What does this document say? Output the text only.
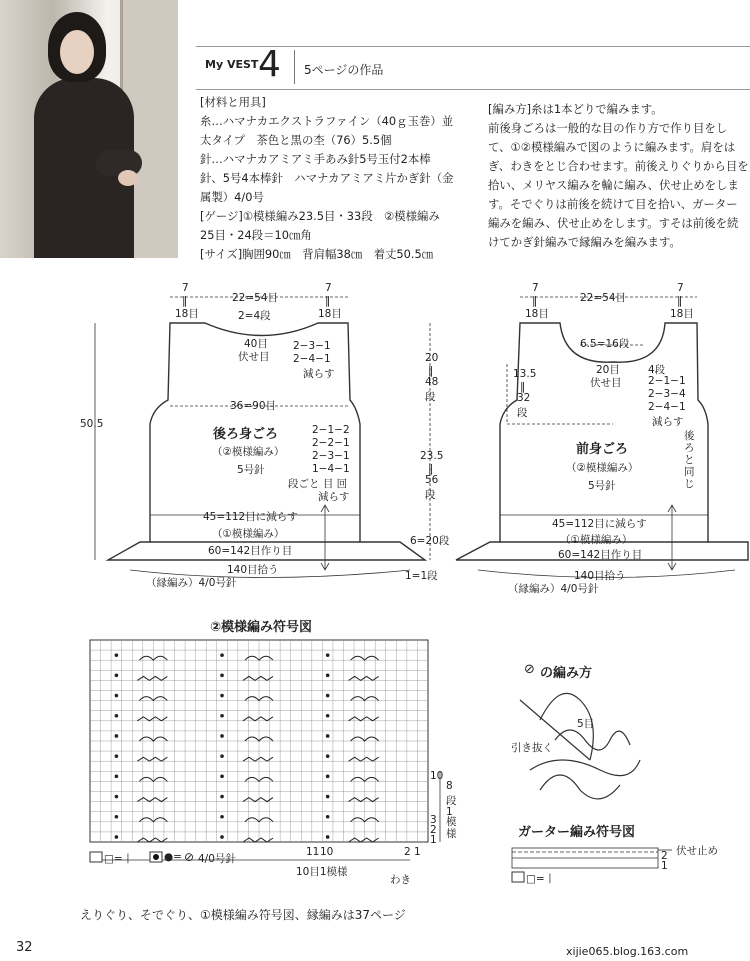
My VEST 4 5ページの作品
[材料と用具]
糸…ハマナカエクストラファイン（40ｇ玉巻）並
太タイプ　茶色と黒の杢（76）5.5個
針…ハマナカアミアミ手あみ針5号玉付2本棒
針、5号4本棒針　ハマナカアミアミ片かぎ針（金
属製）4/0号
[ゲージ]①模様編み23.5目・33段　②模様編み
25目・24段＝10㎝角
[サイズ]胸囲90㎝　背肩幅38㎝　着丈50.5㎝
[編み方]糸は1本どりで編みます。
前後身ごろは一般的な目の作り方で作り目をし
て、①②模様編みで図のように編みます。肩をは
ぎ、わきをとじ合わせます。前後えりぐりから目を
拾い、メリヤス編みを輪に編み、伏せ止めをしま
す。そでぐりは前後を続けて目を拾い、ガーター
編みを編み、伏せ止めをします。すそは前後を続
けてかぎ針編みで縁編みを編みます。
7
‖
18目
22=54目
7
‖
18目
2=4段
40目
伏せ目
2−3−1
2−4−1
減らす
50.5
36=90目
後ろ身ごろ
（②模様編み）
5号針
2−1−2
2−2−1
2−3−1
1−4−1
段ごと 目 回
減らす
20
‖
48
段
23.5
‖
56
段
6=20段
1=1段
45=112目に減らす
（①模様編み）
60=142目作り目
140目拾う
（縁編み）4/0号針
7
‖
18目
22=54目
7
‖
18目
6.5=16段
13.5
‖
32
段
20目
伏せ目
4段
2−1−1
2−3−4
2−4−1
減らす
後ろと同じ
前身ごろ
（②模様編み）
5号針
45=112目に減らす
（①模様編み）
60=142目作り目
140目拾う
（縁編み）4/0号針
②模様編み符号図
10
3
2
1
8
段
1
模様
11 10	2 1
10目1模様
わき
□=丨	●= ⊘ 4/0号針
⊘ の編み方
5目
引き抜く
ガーター編み符号図
伏せ止め
2
1
□=丨
えりぐり、そでぐり、①模様編み符号図、縁編みは37ページ
32	xijie065.blog.163.com
